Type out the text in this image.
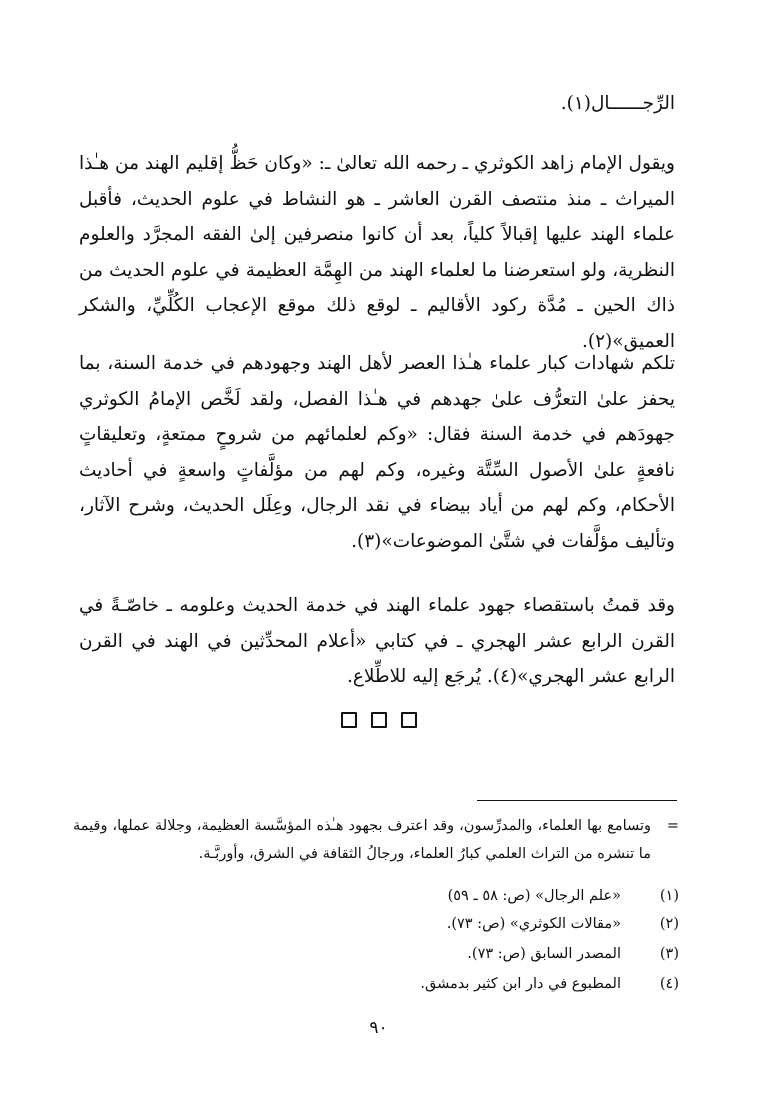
الرِّجــــــال(١).

ويقول الإمام زاهد الكوثري ـ رحمه الله تعالىٰ ـ: «وكان حَظُّ إقليم الهند من هـٰذا الميراث ـ منذ منتصف القرن العاشر ـ هو النشاط في علوم الحديث، فأقبل علماء الهند عليها إقبالاً كلياً، بعد أن كانوا منصرفين إلىٰ الفقه المجرَّد والعلوم النظرية، ولو استعرضنا ما لعلماء الهند من الهِمَّة العظيمة في علوم الحديث من ذاك الحين ـ مُدَّة ركود الأقاليم ـ لوقع ذلك موقع الإعجاب الكُلِّيِّ، والشكر العميق»(٢).

تلكم شهادات كبار علماء هـٰذا العصر لأهل الهند وجهودهم في خدمة السنة، بما يحفز علىٰ التعرُّف علىٰ جهدهم في هـٰذا الفصل، ولقد لَخَّص الإمامُ الكوثري جهودَهم في خدمة السنة فقال: «وكم لعلمائهم من شروحٍ ممتعةٍ، وتعليقاتٍ نافعةٍ علىٰ الأصول السِّتَّة وغيره، وكم لهم من مؤلَّفاتٍ واسعةٍ في أحاديث الأحكام، وكم لهم من أياد بيضاء في نقد الرجال، وعِلَل الحديث، وشرح الآثار، وتأليف مؤلَّفات في شتَّىٰ الموضوعات»(٣).

وقد قمتُ باستقصاء جهود علماء الهند في خدمة الحديث وعلومه ـ خاصّـةً في القرن الرابع عشر الهجري ـ في كتابي «أعلام المحدِّثين في الهند في القرن الرابع عشر الهجري»(٤). يُرجَع إليه للاطِّلاع.

=
وتسامع بها العلماء، والمدرِّسون، وقد اعترف بجهود هـٰذه المؤسَّسة العظيمة، وجلالة عملها، وقيمة ما تنشره من التراث العلمي كبارُ العلماء، ورجالُ الثقافة في الشرق، وأوربَّـة.
(١)
«علم الرجال» (ص: ٥٨ ـ ٥٩)
(٢)
«مقالات الكوثري» (ص: ٧٣).
(٣)
المصدر السابق (ص: ٧٣).
(٤)
المطبوع في دار ابن كثير بدمشق.
٩٠
